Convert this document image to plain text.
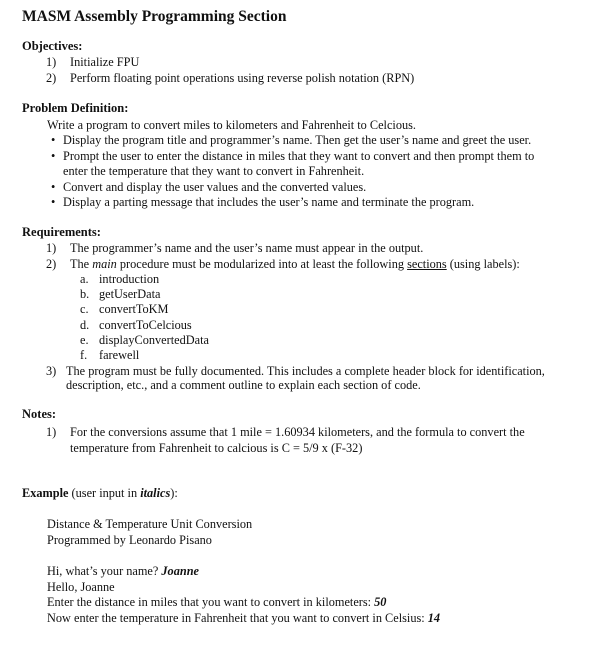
MASM Assembly Programming Section
Objectives:
1) Initialize FPU
2) Perform floating point operations using reverse polish notation (RPN)
Problem Definition:
Write a program to convert miles to kilometers and Fahrenheit to Celcious.
• Display the program title and programmer’s name. Then get the user’s name and greet the user.
• Prompt the user to enter the distance in miles that they want to convert and then prompt them to
enter the temperature that they want to convert in Fahrenheit.
• Convert and display the user values and the converted values.
• Display a parting message that includes the user’s name and terminate the program.
Requirements:
1) The programmer’s name and the user’s name must appear in the output.
2) The main procedure must be modularized into at least the following sections (using labels):
a. introduction
b. getUserData
c. convertToKM
d. convertToCelcious
e. displayConvertedData
f. farewell
3) The program must be fully documented. This includes a complete header block for identification,
description, etc., and a comment outline to explain each section of code.
Notes:
1) For the conversions assume that 1 mile = 1.60934 kilometers, and the formula to convert the
temperature from Fahrenheit to calcious is C = 5/9 x (F-32)
Example (user input in italics):
Distance & Temperature Unit Conversion
Programmed by Leonardo Pisano
Hi, what’s your name? Joanne
Hello, Joanne
Enter the distance in miles that you want to convert in kilometers: 50
Now enter the temperature in Fahrenheit that you want to convert in Celsius: 14
